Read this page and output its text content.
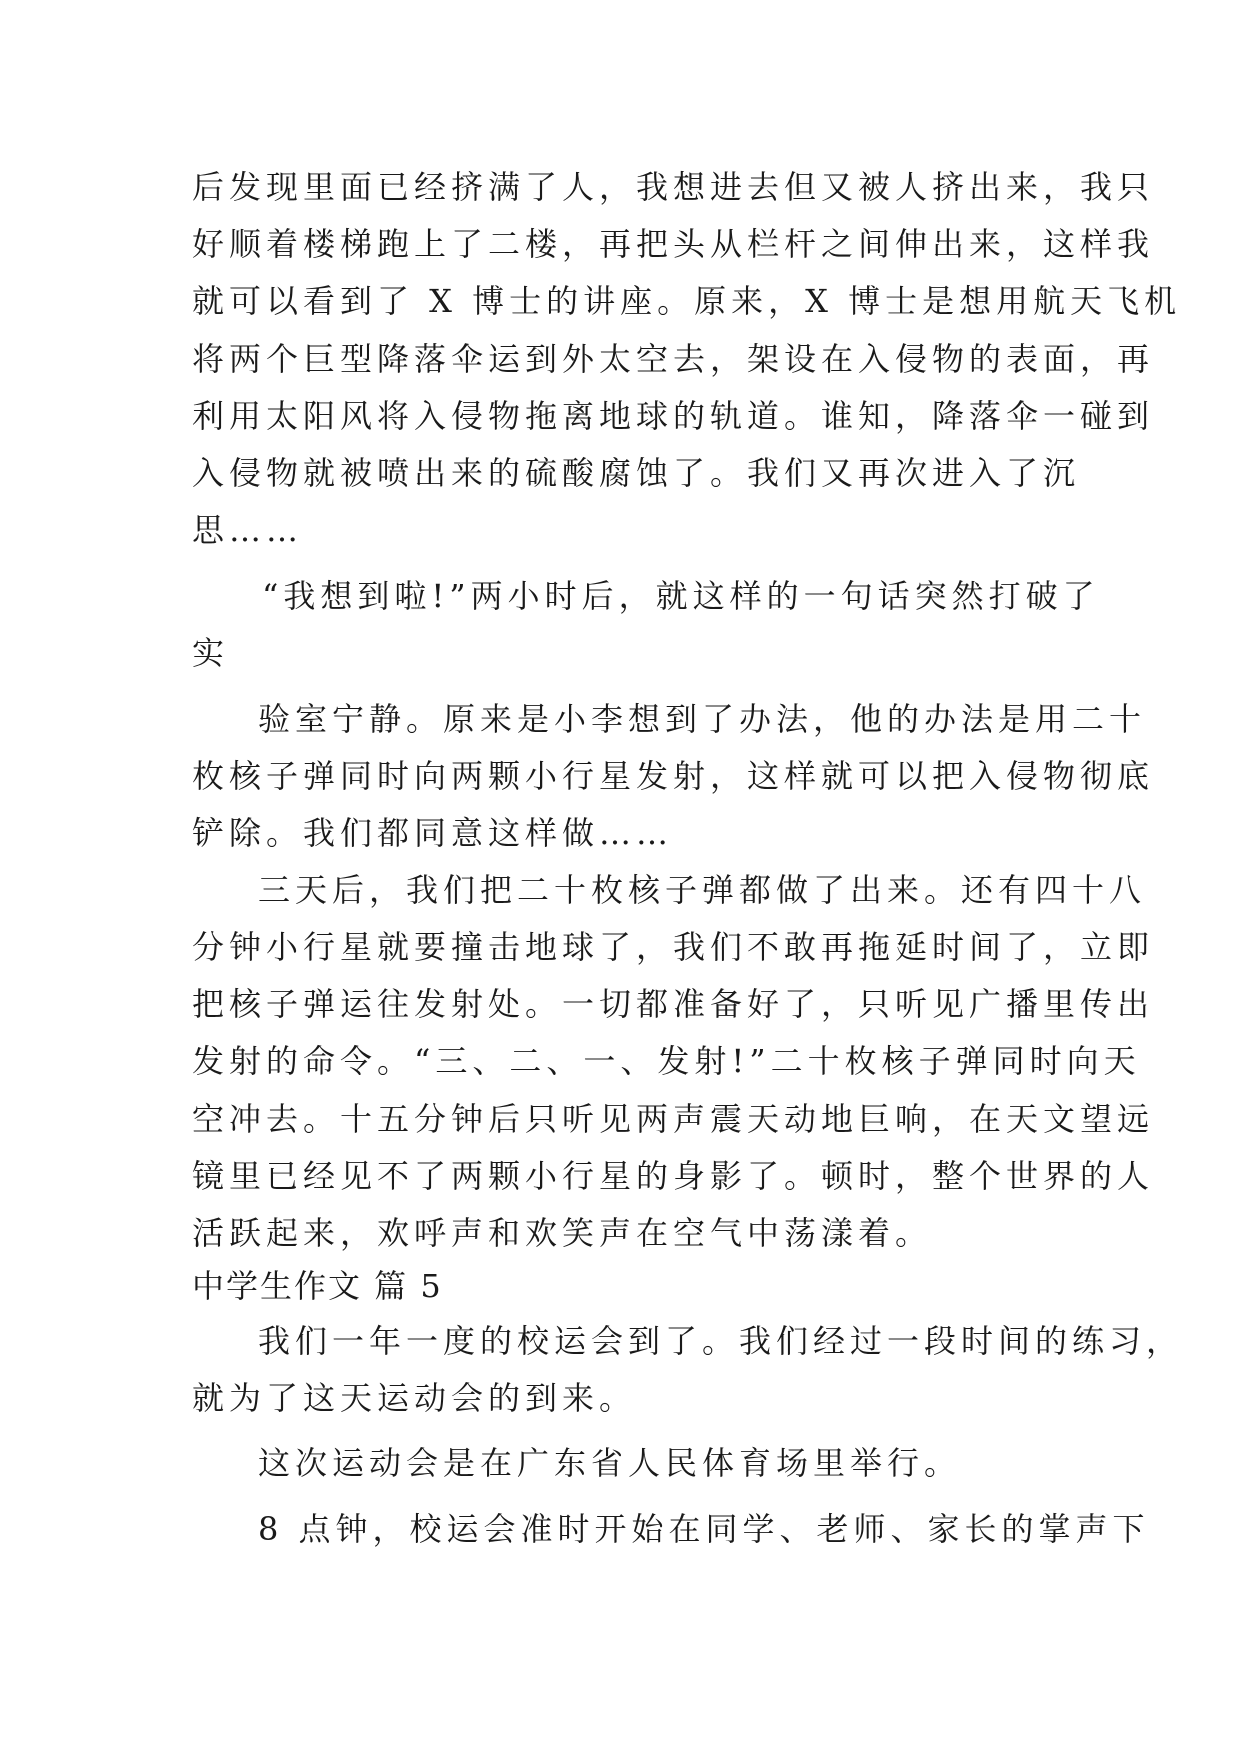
后发现里面已经挤满了人，我想进去但又被人挤出来，我只
好顺着楼梯跑上了二楼，再把头从栏杆之间伸出来，这样我
就可以看到了 X 博士的讲座。原来，X 博士是想用航天飞机
将两个巨型降落伞运到外太空去，架设在入侵物的表面，再
利用太阳风将入侵物拖离地球的轨道。谁知，降落伞一碰到
入侵物就被喷出来的硫酸腐蚀了。我们又再次进入了沉
思……
“我想到啦!”两小时后，就这样的一句话突然打破了
实
验室宁静。原来是小李想到了办法，他的办法是用二十
枚核子弹同时向两颗小行星发射，这样就可以把入侵物彻底
铲除。我们都同意这样做……
三天后，我们把二十枚核子弹都做了出来。还有四十八
分钟小行星就要撞击地球了，我们不敢再拖延时间了，立即
把核子弹运往发射处。一切都准备好了，只听见广播里传出
发射的命令。“三、二、一、发射!”二十枚核子弹同时向天
空冲去。十五分钟后只听见两声震天动地巨响，在天文望远
镜里已经见不了两颗小行星的身影了。顿时，整个世界的人
活跃起来，欢呼声和欢笑声在空气中荡漾着。
中学生作文 篇 5
我们一年一度的校运会到了。我们经过一段时间的练习，
就为了这天运动会的到来。
这次运动会是在广东省人民体育场里举行。
8 点钟，校运会准时开始在同学、老师、家长的掌声下
